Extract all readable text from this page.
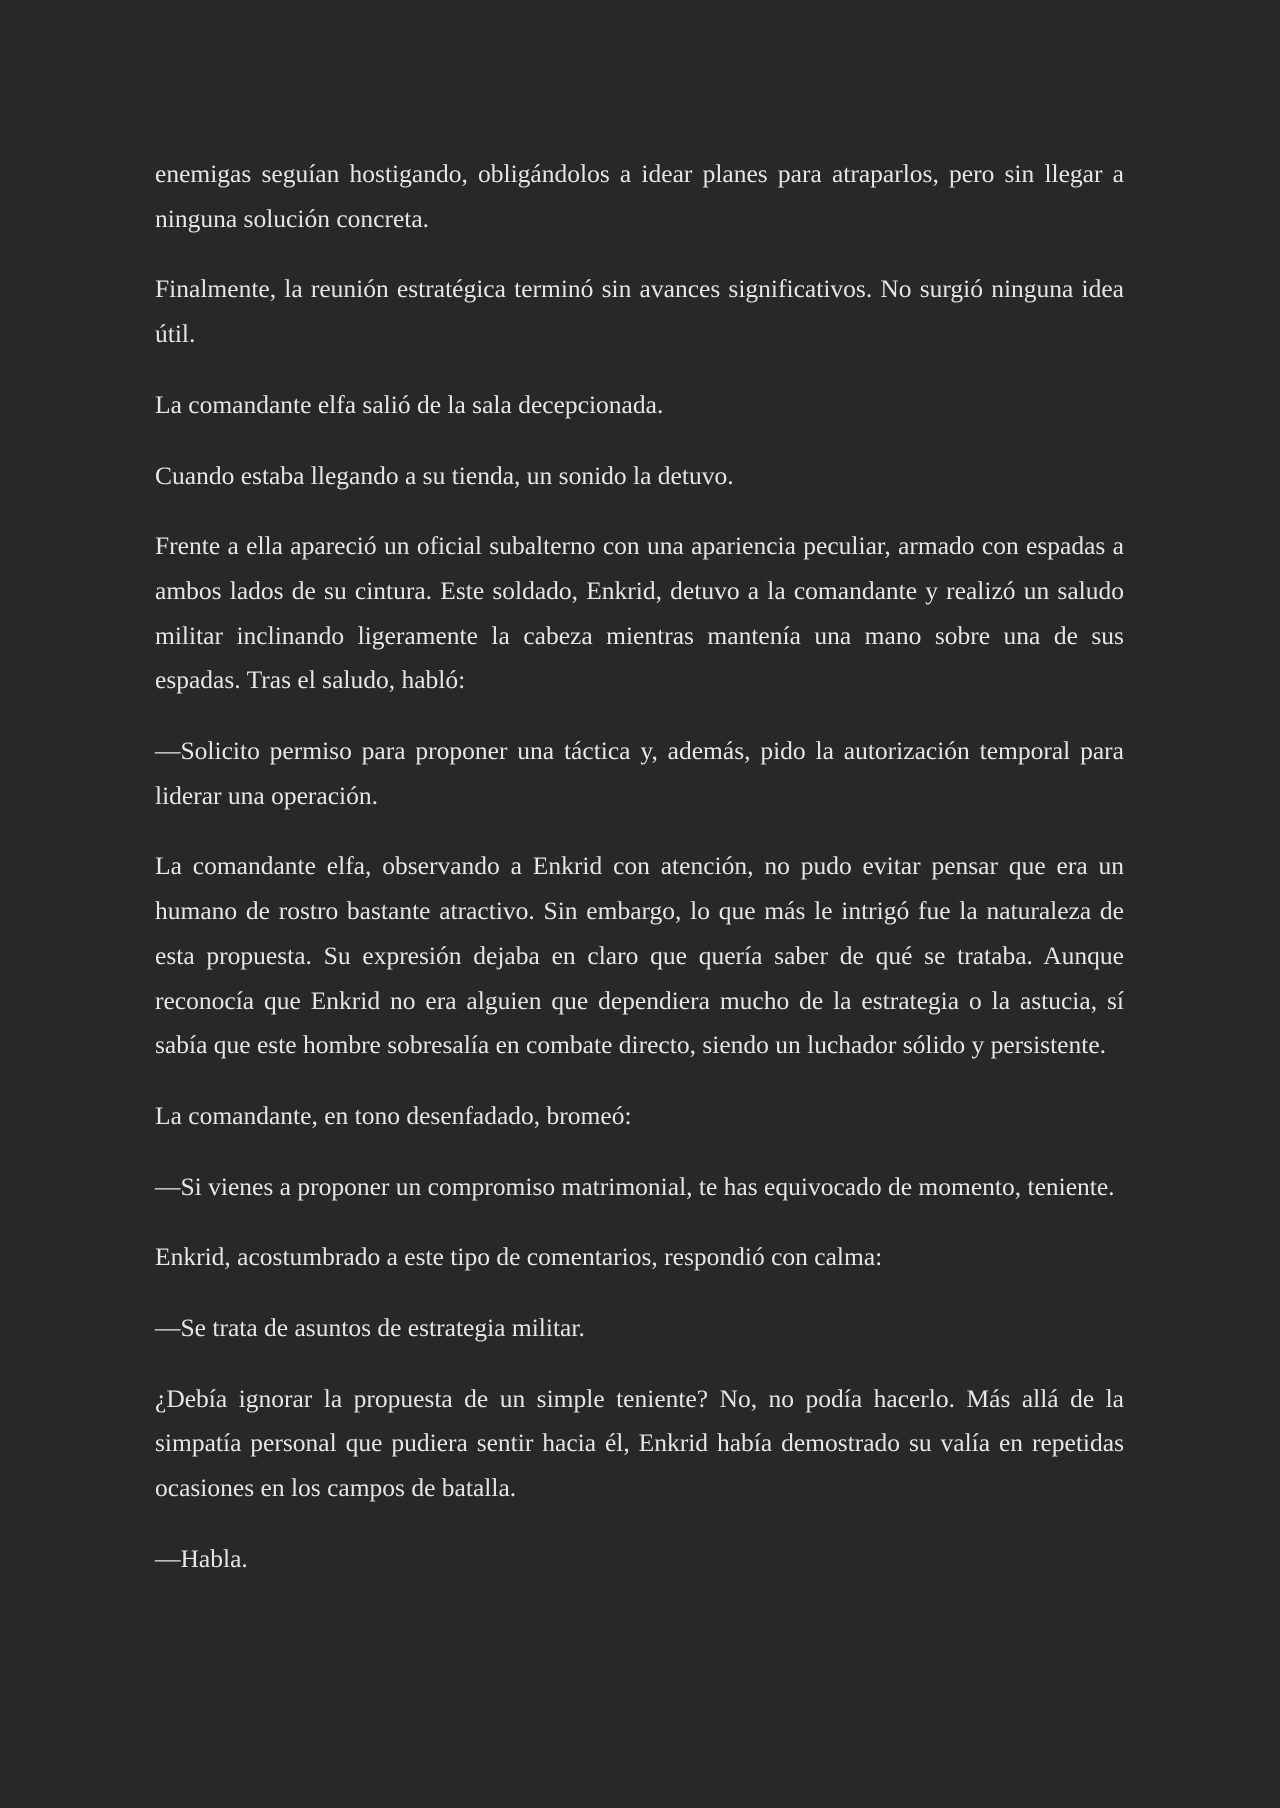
enemigas seguían hostigando, obligándolos a idear planes para atraparlos, pero sin llegar a ninguna solución concreta.

Finalmente, la reunión estratégica terminó sin avances significativos. No surgió ninguna idea útil.

La comandante elfa salió de la sala decepcionada.

Cuando estaba llegando a su tienda, un sonido la detuvo.

Frente a ella apareció un oficial subalterno con una apariencia peculiar, armado con espadas a ambos lados de su cintura. Este soldado, Enkrid, detuvo a la comandante y realizó un saludo militar inclinando ligeramente la cabeza mientras mantenía una mano sobre una de sus espadas. Tras el saludo, habló:

—Solicito permiso para proponer una táctica y, además, pido la autorización temporal para liderar una operación.

La comandante elfa, observando a Enkrid con atención, no pudo evitar pensar que era un humano de rostro bastante atractivo. Sin embargo, lo que más le intrigó fue la naturaleza de esta propuesta. Su expresión dejaba en claro que quería saber de qué se trataba. Aunque reconocía que Enkrid no era alguien que dependiera mucho de la estrategia o la astucia, sí sabía que este hombre sobresalía en combate directo, siendo un luchador sólido y persistente.

La comandante, en tono desenfadado, bromeó:

—Si vienes a proponer un compromiso matrimonial, te has equivocado de momento, teniente.

Enkrid, acostumbrado a este tipo de comentarios, respondió con calma:

—Se trata de asuntos de estrategia militar.

¿Debía ignorar la propuesta de un simple teniente? No, no podía hacerlo. Más allá de la simpatía personal que pudiera sentir hacia él, Enkrid había demostrado su valía en repetidas ocasiones en los campos de batalla.

—Habla.
